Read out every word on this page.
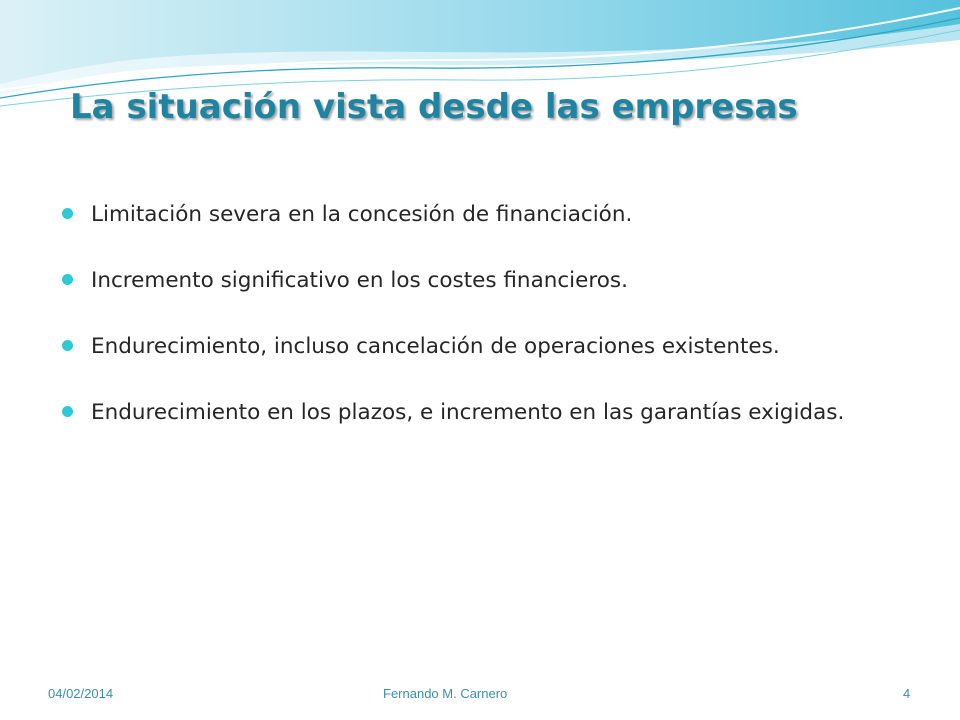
La situación vista desde las empresas
Limitación severa en la concesión de financiación.
Incremento significativo en los costes financieros.
Endurecimiento, incluso cancelación de operaciones existentes.
Endurecimiento en los plazos, e incremento en las garantías exigidas.
04/02/2014	Fernando M. Carnero	4
